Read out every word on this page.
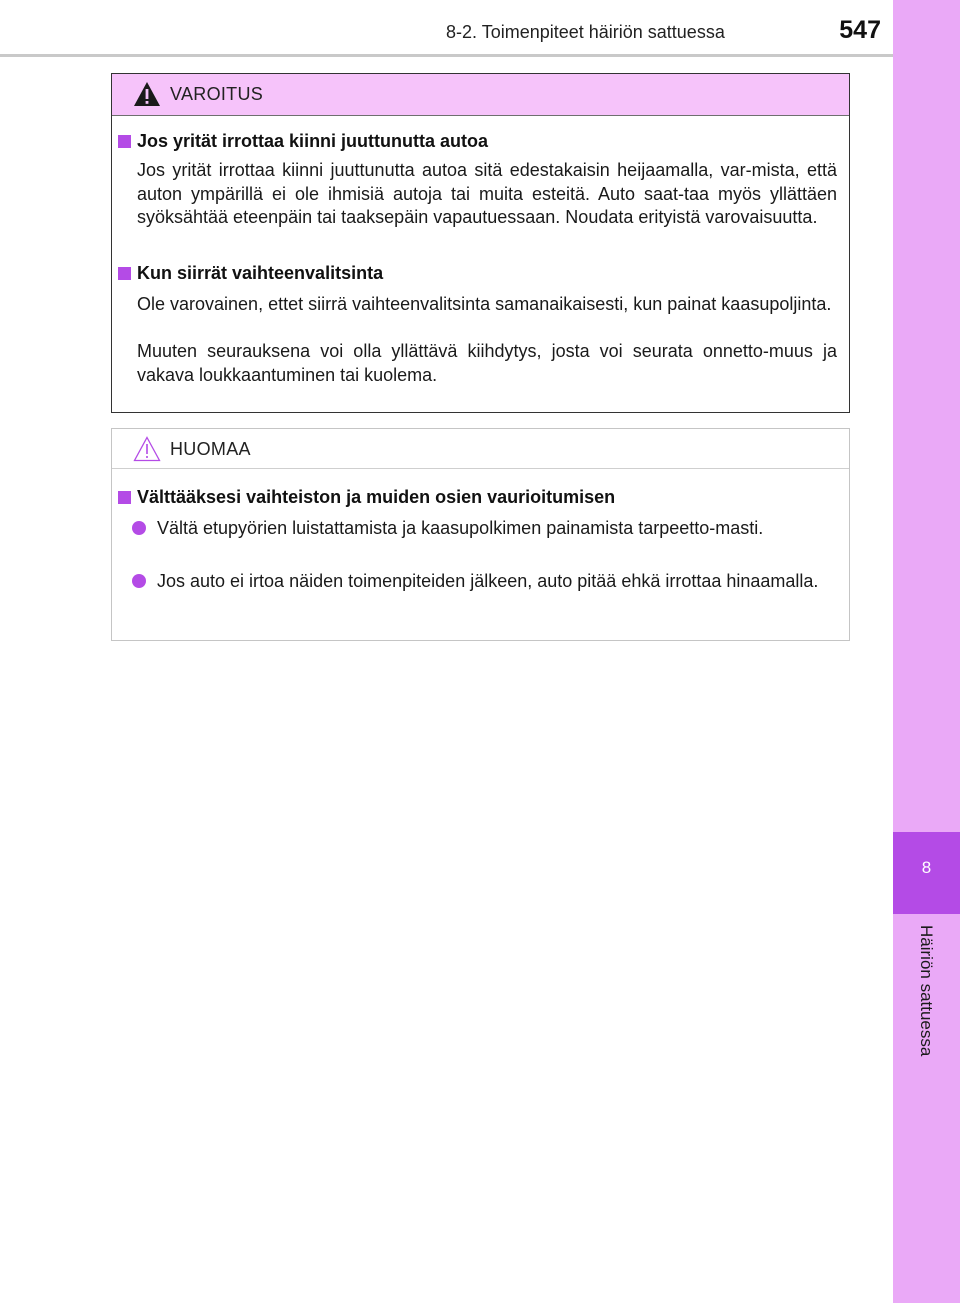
8-2. Toimenpiteet häiriön sattuessa	547
8
Häiriön sattuessa
VAROITUS
Jos yrität irrottaa kiinni juuttunutta autoa

Jos yrität irrottaa kiinni juuttunutta autoa sitä edestakaisin heijaamalla, var-mista, että auton ympärillä ei ole ihmisiä autoja tai muita esteitä. Auto saat-taa myös yllättäen syöksähtää eteenpäin tai taaksepäin vapautuessaan. Noudata erityistä varovaisuutta.

Kun siirrät vaihteenvalitsinta

Ole varovainen, ettet siirrä vaihteenvalitsinta samanaikaisesti, kun painat kaasupoljinta.

Muuten seurauksena voi olla yllättävä kiihdytys, josta voi seurata onnetto-muus ja vakava loukkaantuminen tai kuolema.

HUOMAA
Välttääksesi vaihteiston ja muiden osien vaurioitumisen
Vältä etupyörien luistattamista ja kaasupolkimen painamista tarpeetto-masti.
Jos auto ei irtoa näiden toimenpiteiden jälkeen, auto pitää ehkä irrottaa hinaamalla.
